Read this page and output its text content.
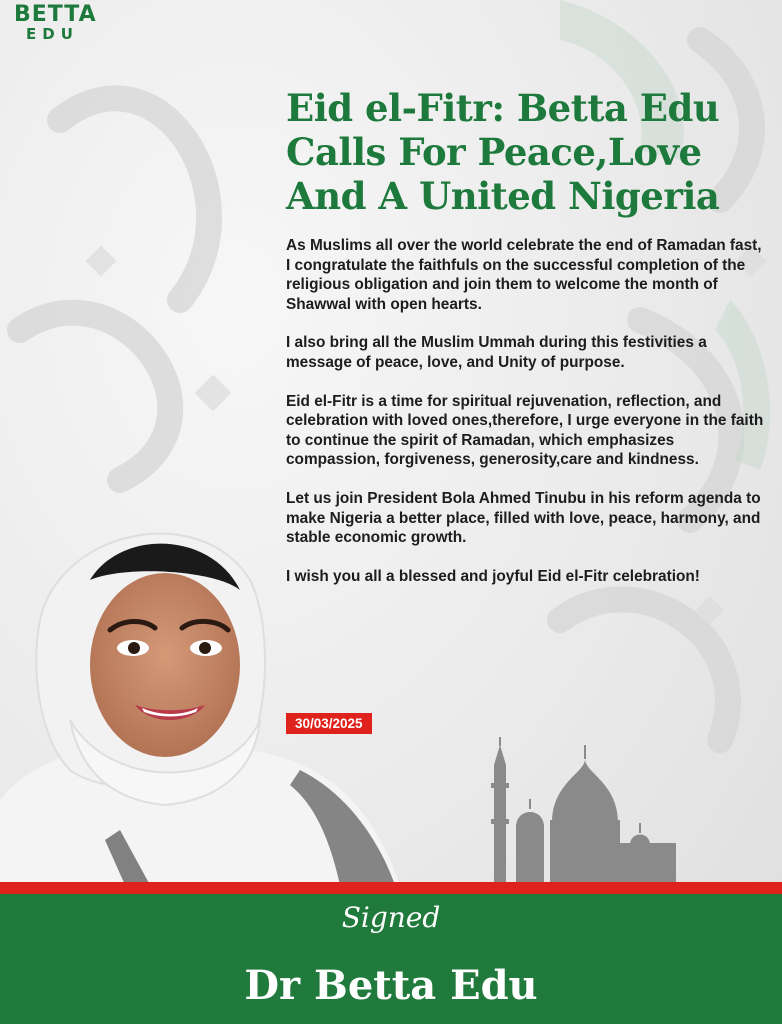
BETTA
EDU
Eid el-Fitr: Betta Edu Calls For Peace,Love And A United Nigeria

As Muslims all over the world celebrate the end of Ramadan fast, I congratulate the faithfuls on the successful completion of the religious obligation and join them to welcome the month of Shawwal with open hearts.

I also bring all the Muslim Ummah during this festivities a message of peace, love, and Unity of purpose.

Eid el-Fitr is a time for spiritual rejuvenation, reflection, and celebration with loved ones,therefore, I urge everyone in the faith to continue the spirit of Ramadan, which emphasizes compassion, forgiveness, generosity,care and kindness.

Let us join President Bola Ahmed Tinubu in his reform agenda to make Nigeria a better place, filled with love, peace, harmony, and stable economic growth.

I wish you all a blessed and joyful Eid el-Fitr celebration!

30/03/2025
Signed
Dr Betta Edu
